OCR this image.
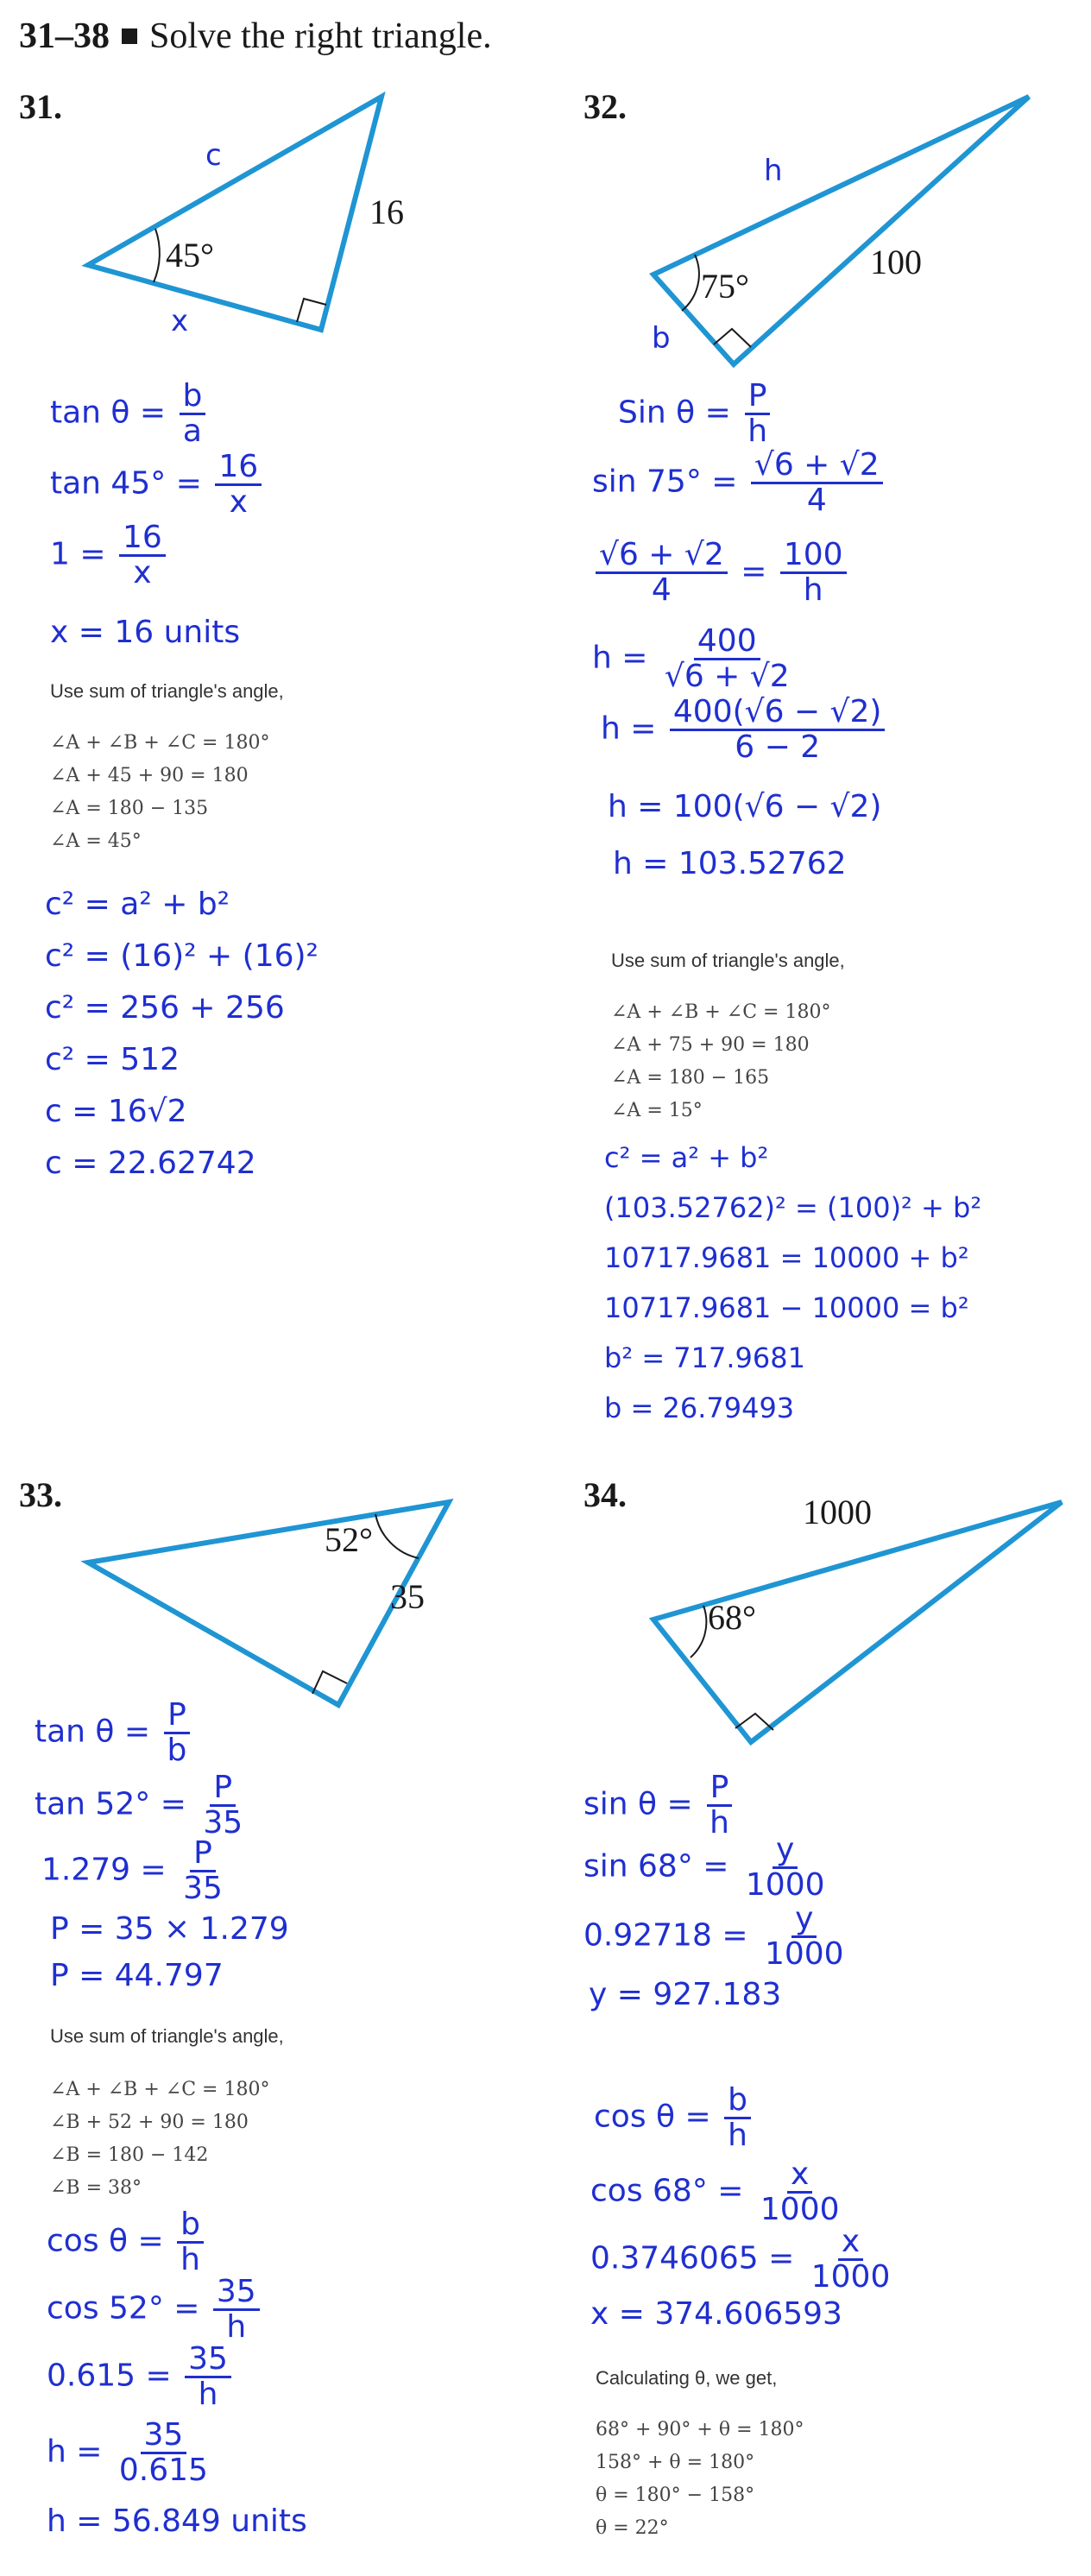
31–38 Solve the right triangle.
31.
c
45°
16
x
$\tan \theta = \frac{b}{a}$
$\tan 45^\circ = \frac{16}{x}$
$1 = \frac{16}{x}$
x = 16 units
Use sum of triangle's angle,
∠A + ∠B + ∠C = 180°
∠A + 45 + 90 = 180
∠A = 180 − 135
∠A = 45°
c² = a² + b²
c² = (16)² + (16)²
c² = 256 + 256
c² = 512
c = 16√2
c = 22.62742
32.
h
75°
100
b
Sin $\theta = \frac{P}{h}$
$\sin 75^\circ = \frac{√6 + √2}{4}$
$\frac{√6 + √2}{4} = \frac{100}{h}$
$h = \frac{400}{√6 + √2}$
$h = \frac{400(√6 - √2)}{6 - 2}$
h = 100(√6 − √2)
h = 103.52762
Use sum of triangle's angle,
∠A + ∠B + ∠C = 180°
∠A + 75 + 90 = 180
∠A = 180 − 165
∠A = 15°
c² = a² + b²
(103.52762)² = (100)² + b²
10717.9681 = 10000 + b²
10717.9681 − 10000 = b²
b² = 717.9681
b = 26.79493
33.
52°
35
$\tan \theta = \frac{P}{b}$
$\tan 52^\circ = \frac{P}{35}$
$1.279 = \frac{P}{35}$
P = 35 × 1.279
P = 44.797
Use sum of triangle's angle,
∠A + ∠B + ∠C = 180°
∠B + 52 + 90 = 180
∠B = 180 − 142
∠B = 38°
$\cos \theta = \frac{b}{h}$
$\cos 52^\circ = \frac{35}{h}$
$0.615 = \frac{35}{h}$
$h = \frac{35}{0.615}$
h = 56.849 units
34.	1000
68°
$\sin \theta = \frac{P}{h}$
$\sin 68^\circ = \frac{y}{1000}$
$0.92718 = \frac{y}{1000}$
y = 927.183
$\cos \theta = \frac{b}{h}$
$\cos 68^\circ = \frac{x}{1000}$
$0.3746065 = \frac{x}{1000}$
x = 374.606593
Calculating θ, we get,
68° + 90° + θ = 180°
158° + θ = 180°
θ = 180° − 158°
θ = 22°
